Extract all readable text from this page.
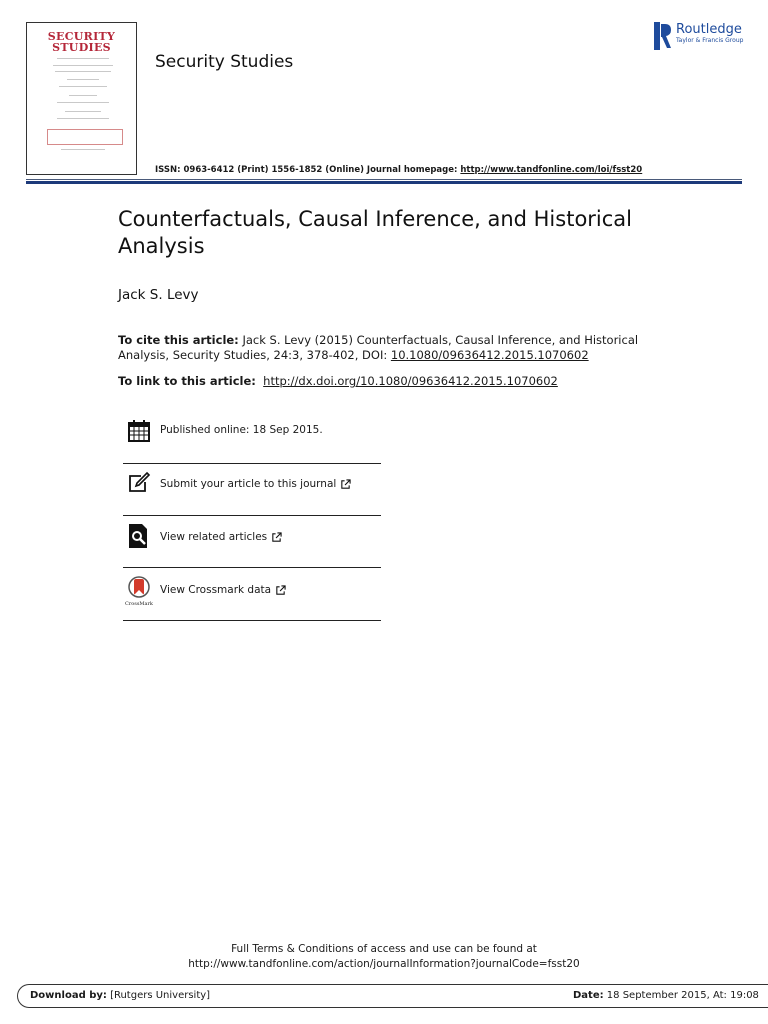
SECURITY
STUDIES
Security Studies
Routledge
Taylor & Francis Group
ISSN: 0963-6412 (Print) 1556-1852 (Online) Journal homepage: http://www.tandfonline.com/loi/fsst20
Counterfactuals, Causal Inference, and Historical Analysis
Jack S. Levy
To cite this article: Jack S. Levy (2015) Counterfactuals, Causal Inference, and Historical Analysis, Security Studies, 24:3, 378-402, DOI: 10.1080/09636412.2015.1070602
To link to this article: http://dx.doi.org/10.1080/09636412.2015.1070602
Published online: 18 Sep 2015.
Submit your article to this journal
View related articles
CrossMark
View Crossmark data
Full Terms & Conditions of access and use can be found at
http://www.tandfonline.com/action/journalInformation?journalCode=fsst20
Download by: [Rutgers University]	Date: 18 September 2015, At: 19:08
